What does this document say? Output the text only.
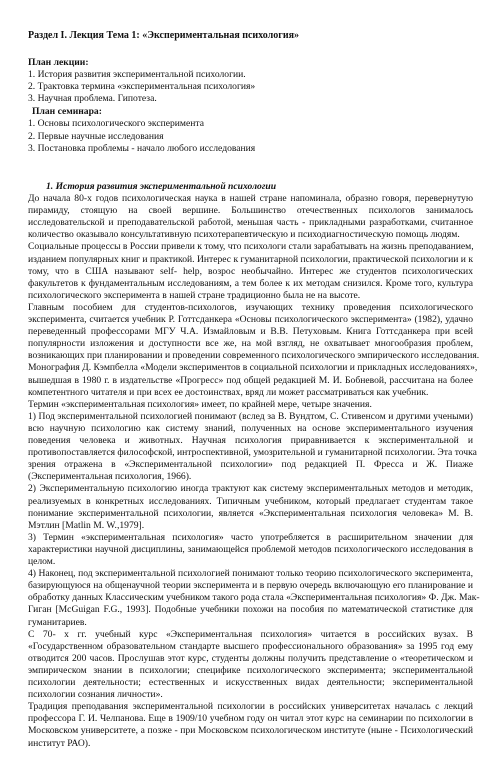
Раздел I. Лекция Тема 1: «Экспериментальная психология»
План лекции:
1. История развития экспериментальной психологии.
2. Трактовка термина «экспериментальная психология»
3. Научная проблема. Гипотеза.
План семинара:
1. Основы психологического эксперимента
2. Первые научные исследования
3. Постановка проблемы - начало любого исследования
1. История развития экспериментальной психологии
До начала 80-х годов психологическая наука в нашей стране напоминала, образно говоря, перевернутую
пирамиду, стоящую на своей вершине. Большинство отечественных психологов занималось
исследовательской и преподавательской работой, меньшая часть - прикладными разработками, считанное
количество оказывало консультативную психотерапевтическую и психодиагностическую помощь людям.
Социальные процессы в России привели к тому, что психологи стали зарабатывать на жизнь преподаванием,
изданием популярных книг и практикой. Интерес к гуманитарной психологии, практической психологии и к
тому, что в США называют self- help, возрос необычайно. Интерес же студентов психологических
факультетов к фундаментальным исследованиям, а тем более к их методам снизился. Кроме того, культура
психологического эксперимента в нашей стране традиционно была не на высоте.
Главным пособием для студентов-психологов, изучающих технику проведения психологического
эксперимента, считается учебник Р. Готтсданкера «Основы психологического эксперимента» (1982), удачно
переведенный профессорами МГУ Ч.А. Измайловым и В.В. Петуховым. Книга Готтсданкера при всей
популярности изложения и доступности все же, на мой взгляд, не охватывает многообразия проблем,
возникающих при планировании и проведении современного психологического эмпирического исследования.
Монография Д. Кэмпбелла «Модели экспериментов в социальной психологии и прикладных исследованиях»,
вышедшая в 1980 г. в издательстве «Прогресс» под общей редакцией М. И. Бобневой, рассчитана на более
компетентного читателя и при всех ее достоинствах, вряд ли может рассматриваться как учебник.
Термин «экспериментальная психология» имеет, по крайней мере, четыре значения.
1) Под экспериментальной психологией понимают (вслед за В. Вундтом, С. Стивенсом и другими учеными)
всю научную психологию как систему знаний, полученных на основе экспериментального изучения
поведения человека и животных. Научная психология приравнивается к экспериментальной и
противопоставляется философской, интроспективной, умозрительной и гуманитарной психологии. Эта точка
зрения отражена в «Экспериментальной психологии» под редакцией П. Фресса и Ж. Пиаже
(Экспериментальная психология, 1966).
2) Экспериментальную психологию иногда трактуют как систему экспериментальных методов и методик,
реализуемых в конкретных исследованиях. Типичным учебником, который предлагает студентам такое
понимание экспериментальной психологии, является «Экспериментальная психология человека» М. В.
Мэтлин [Matlin M. W.,1979].
3) Термин «экспериментальная психология» часто употребляется в расширительном значении для
характеристики научной дисциплины, занимающейся проблемой методов психологического исследования в
целом.
4) Наконец, под экспериментальной психологией понимают только теорию психологического эксперимента,
базирующуюся на общенаучной теории эксперимента и в первую очередь включающую его планирование и
обработку данных Классическим учебником такого рода стала «Экспериментальная психология» Ф. Дж. Мак-
Гиган [McGuigan F.G., 1993]. Подобные учебники похожи на пособия по математической статистике для
гуманитариев.
С 70- х гг. учебный курс «Экспериментальная психология» читается в российских вузах. В
«Государственном образовательном стандарте высшего профессионального образования» за 1995 год ему
отводится 200 часов. Прослушав этот курс, студенты должны получить представление о «теоретическом и
эмпирическом знании в психологии; специфике психологического эксперимента; экспериментальной
психологии деятельности; естественных и искусственных видах деятельности; экспериментальной
психологии сознания личности».
Традиция преподавания экспериментальной психологии в российских университетах началась с лекций
профессора Г. И. Челпанова. Еще в 1909/10 учебном году он читал этот курс на семинарии по психологии в
Московском университете, а позже - при Московском психологическом институте (ныне - Психологический
институт РАО).
